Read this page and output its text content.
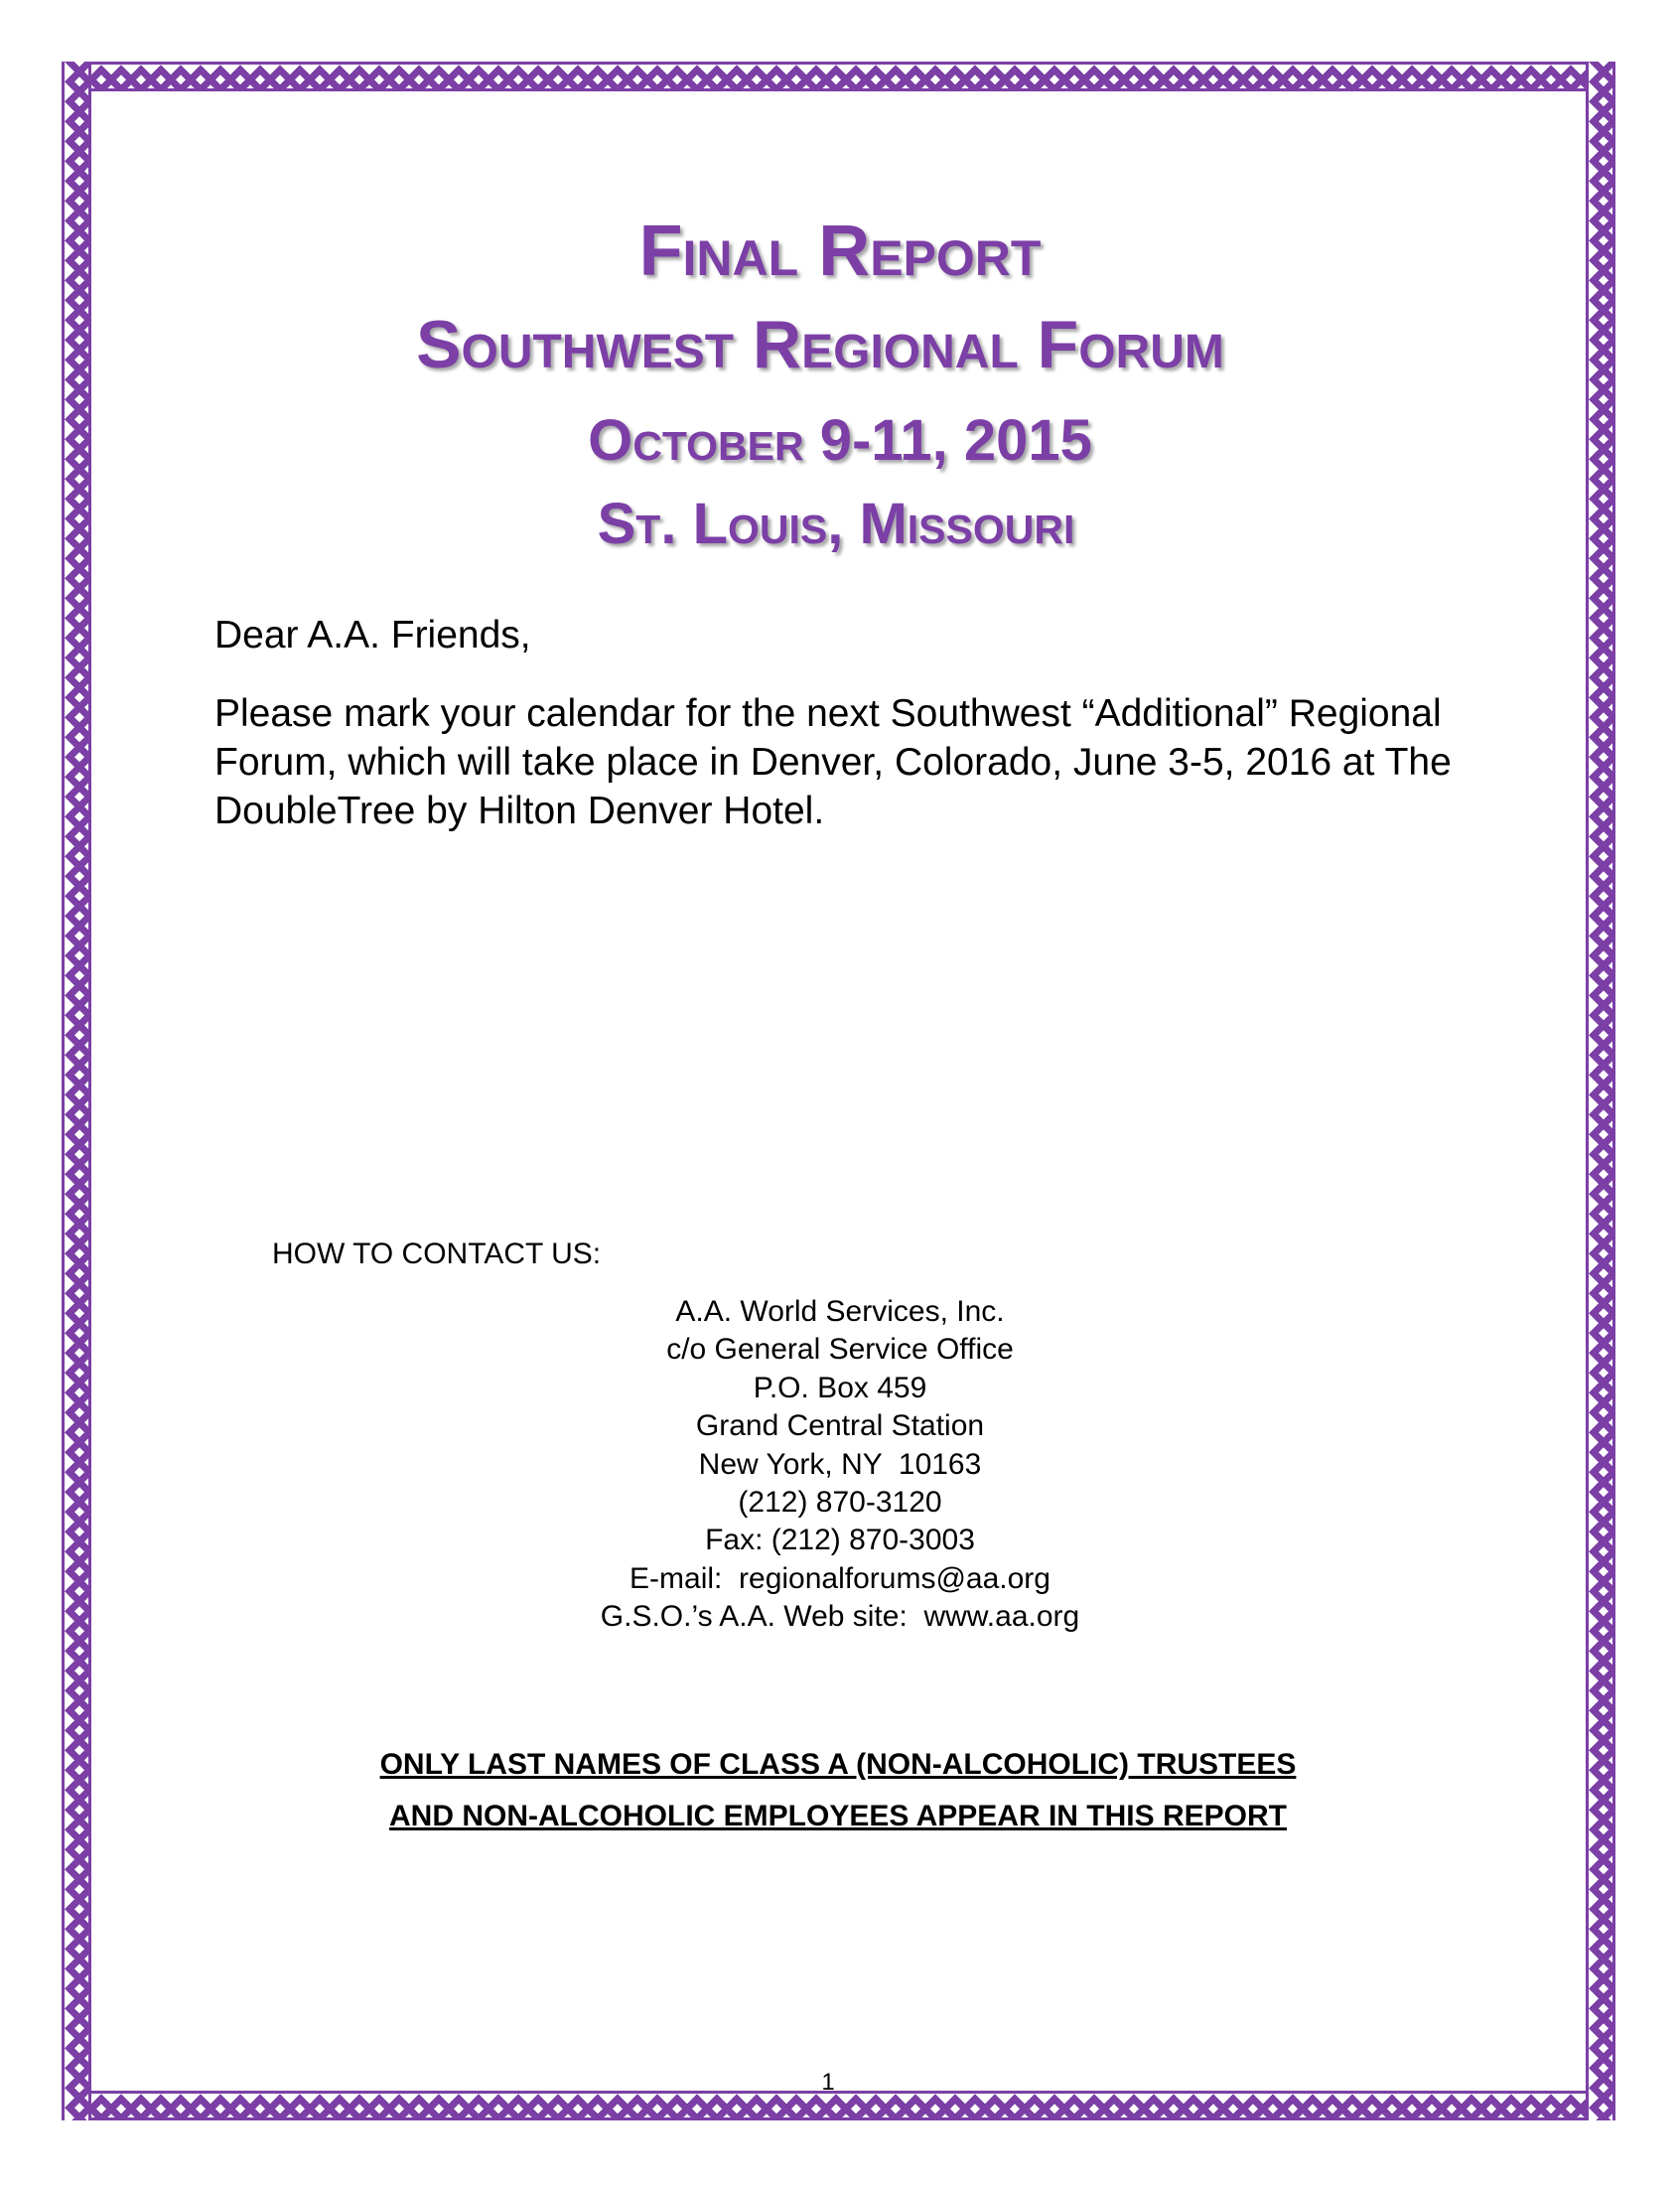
Final Report
Southwest Regional Forum
October 9-11, 2015
St. Louis, Missouri
Dear A.A. Friends,
Please mark your calendar for the next Southwest “Additional” Regional Forum, which will take place in Denver, Colorado, June 3-5, 2016 at The DoubleTree by Hilton Denver Hotel.
HOW TO CONTACT US:
A.A. World Services, Inc.
c/o General Service Office
P.O. Box 459
Grand Central Station
New York, NY  10163
(212) 870-3120
Fax: (212) 870-3003
E-mail:  regionalforums@aa.org
G.S.O.’s A.A. Web site:  www.aa.org
ONLY LAST NAMES OF CLASS A (NON-ALCOHOLIC) TRUSTEES
AND NON-ALCOHOLIC EMPLOYEES APPEAR IN THIS REPORT
1
